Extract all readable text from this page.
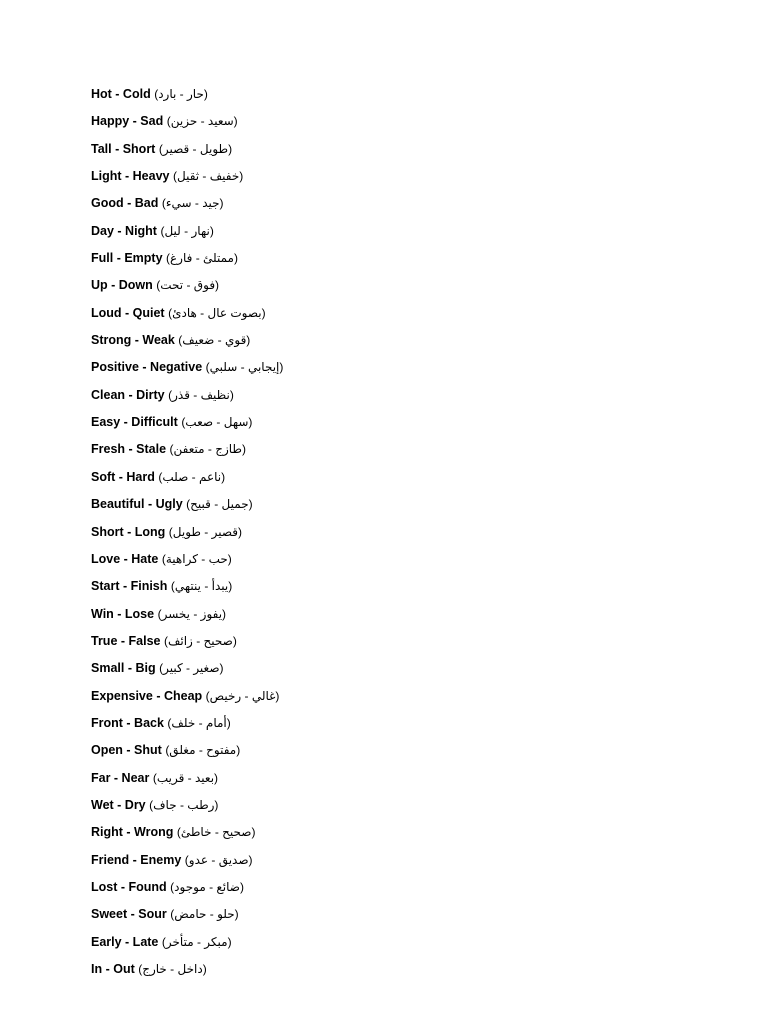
Hot - Cold (حار - بارد)
Happy - Sad (سعيد - حزين)
Tall - Short (طويل - قصير)
Light - Heavy (خفيف - ثقيل)
Good - Bad (جيد - سيء)
Day - Night (نهار - ليل)
Full - Empty (ممتلئ - فارغ)
Up - Down (فوق - تحت)
Loud - Quiet (بصوت عال - هادئ)
Strong - Weak (قوي - ضعيف)
Positive - Negative (إيجابي - سلبي)
Clean - Dirty (نظيف - قذر)
Easy - Difficult (سهل - صعب)
Fresh - Stale (طازج - متعفن)
Soft - Hard (ناعم - صلب)
Beautiful - Ugly (جميل - قبيح)
Short - Long (قصير - طويل)
Love - Hate (حب - كراهية)
Start - Finish (يبدأ - ينتهي)
Win - Lose (يفوز - يخسر)
True - False (صحيح - زائف)
Small - Big (صغير - كبير)
Expensive - Cheap (غالي - رخيص)
Front - Back (أمام - خلف)
Open - Shut (مفتوح - مغلق)
Far - Near (بعيد - قريب)
Wet - Dry (رطب - جاف)
Right - Wrong (صحيح - خاطئ)
Friend - Enemy (صديق - عدو)
Lost - Found (ضائع - موجود)
Sweet - Sour (حلو - حامض)
Early - Late (مبكر - متأخر)
In - Out (داخل - خارج)
